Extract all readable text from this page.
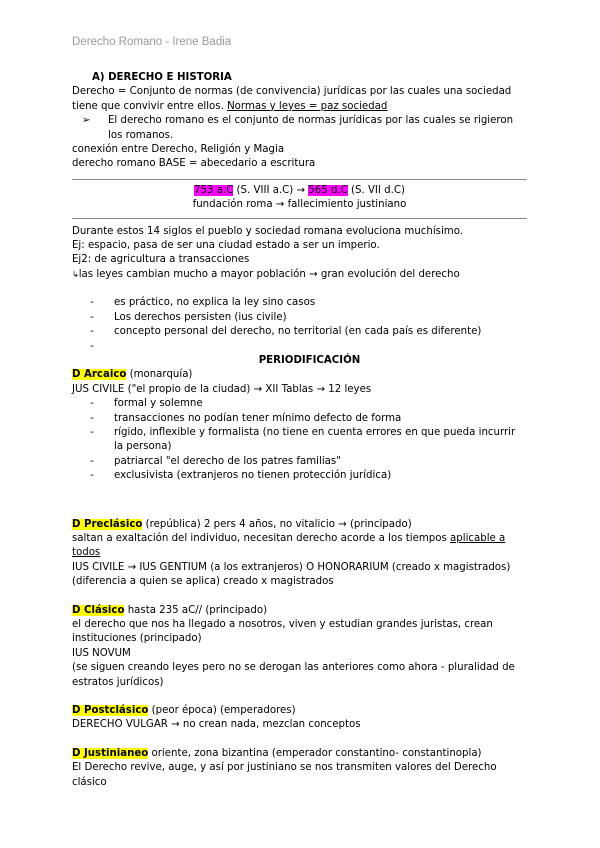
Derecho Romano - Irene Badia
A) DERECHO E HISTORIA
Derecho = Conjunto de normas (de convivencia) jurídicas por las cuales una sociedad
tiene que convivir entre ellos. Normas y leyes = paz sociedad
➢ El derecho romano es el conjunto de normas jurídicas por las cuales se rigieron
los romanos.
conexión entre Derecho, Religión y Magia
derecho romano BASE = abecedario a escritura
753 a.C (S. VIII a.C) → 565 d.C (S. VII d.C)
fundación roma → fallecimiento justiniano
Durante estos 14 siglos el pueblo y sociedad romana evoluciona muchísimo.
Ej: espacio, pasa de ser una ciudad estado a ser un imperio.
Ej2: de agricultura a transacciones
↳las leyes cambian mucho a mayor población → gran evolución del derecho
- es práctico, no explica la ley sino casos
- Los derechos persisten (ius civile)
- concepto personal del derecho, no territorial (en cada país es diferente)
-

PERIODIFICACIÓN
D Arcaico (monarquía)
JUS CIVILE ("el propio de la ciudad) → XII Tablas → 12 leyes
- formal y solemne
- transacciones no podían tener mínimo defecto de forma
- rígido, inflexible y formalista (no tiene en cuenta errores en que pueda incurrir la persona)
- patriarcal "el derecho de los patres familias"
- exclusivista (extranjeros no tienen protección jurídica)
D Preclásico (república) 2 pers 4 años, no vitalicio → (principado)
saltan a exaltación del individuo, necesitan derecho acorde a los tiempos aplicable a
todos
IUS CIVILE → IUS GENTIUM (a los extranjeros) O HONORARIUM (creado x magistrados)
(diferencia a quien se aplica) creado x magistrados
D Clásico hasta 235 aC// (principado)
el derecho que nos ha llegado a nosotros, viven y estudian grandes juristas, crean
instituciones (principado)
IUS NOVUM
(se siguen creando leyes pero no se derogan las anteriores como ahora - pluralidad de
estratos jurídicos)
D Postclásico (peor época) (emperadores)
DERECHO VULGAR → no crean nada, mezclan conceptos
D Justinianeo oriente, zona bizantina (emperador constantino- constantinopla)
El Derecho revive, auge, y así por justiniano se nos transmiten valores del Derecho
clásico
